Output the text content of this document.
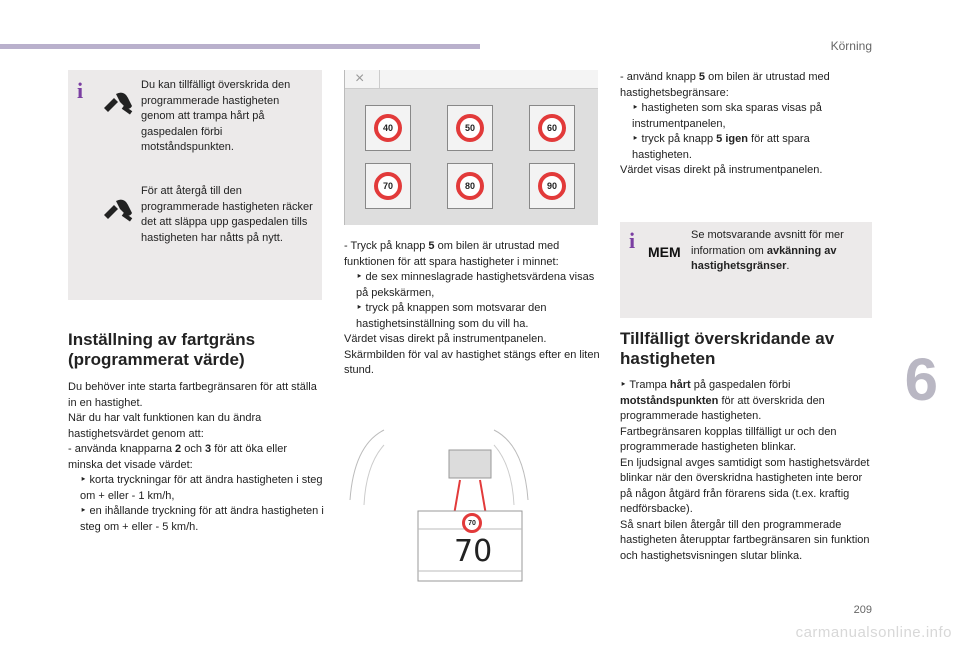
Körning
6
209
carmanualsonline.info
i	Du kan tillfälligt överskrida den programmerade hastigheten genom att trampa hårt på gaspedalen förbi motståndspunkten.
För att återgå till den programmerade hastigheten räcker det att släppa upp gaspedalen tills hastigheten har nåtts på nytt.
Inställning av fartgräns (programmerat värde)

Du behöver inte starta fartbegränsaren för att ställa in en hastighet.

När du har valt funktionen kan du ändra hastighetsvärdet genom att:

- använda knapparna 2 och 3 för att öka eller minska det visade värdet:

‣ korta tryckningar för att ändra hastigheten i steg om + eller - 1 km/h,

‣ en ihållande tryckning för att ändra hastigheten i steg om + eller - 5 km/h.

×
40	50	60
70	80	90

- Tryck på knapp 5 om bilen är utrustad med funktionen för att spara hastigheter i minnet:

‣ de sex minneslagrade hastighetsvärdena visas på pekskärmen,

‣ tryck på knappen som motsvarar den hastighetsinställning som du vill ha.

Värdet visas direkt på instrumentpanelen.

Skärmbilden för val av hastighet stängs efter en liten stund.

70
70

- använd knapp 5 om bilen är utrustad med hastighetsbegränsare:

‣ hastigheten som ska sparas visas på instrumentpanelen,

‣ tryck på knapp 5 igen för att spara hastigheten.

Värdet visas direkt på instrumentpanelen.

i MEM
Se motsvarande avsnitt för mer information om avkänning av hastighetsgränser.
Tillfälligt överskridande av hastigheten

‣ Trampa hårt på gaspedalen förbi motståndspunkten för att överskrida den programmerade hastigheten.

Fartbegränsaren kopplas tillfälligt ur och den programmerade hastigheten blinkar.

En ljudsignal avges samtidigt som hastighetsvärdet blinkar när den överskridna hastigheten inte beror på någon åtgärd från förarens sida (t.ex. kraftig nedförsbacke).

Så snart bilen återgår till den programmerade hastigheten återupptar fartbegränsaren sin funktion och hastighetsvisningen slutar blinka.
